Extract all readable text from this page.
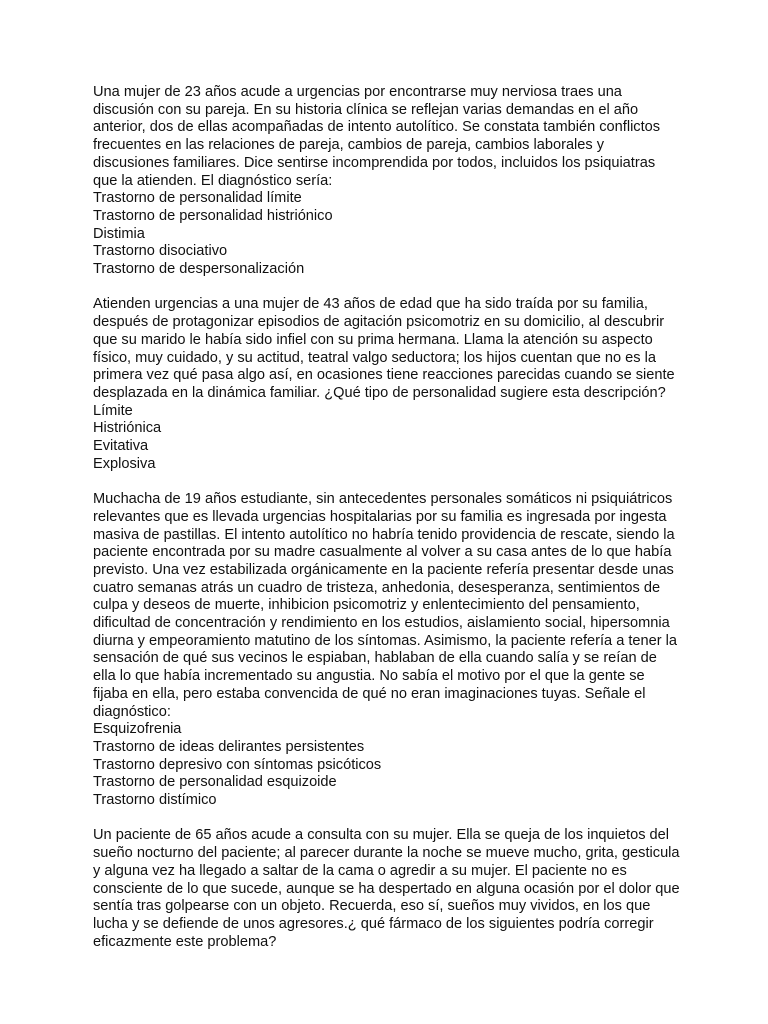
Una mujer de 23 años acude a urgencias por encontrarse muy nerviosa traes una discusión con su pareja. En su historia clínica se reflejan varias demandas en el año anterior, dos de ellas acompañadas de intento autolítico. Se constata también conflictos frecuentes en las relaciones de pareja, cambios de pareja, cambios laborales y discusiones familiares. Dice sentirse incomprendida por todos, incluidos los psiquiatras que la atienden. El diagnóstico sería:

Trastorno de personalidad límite
Trastorno de personalidad histriónico
Distimia
Trastorno disociativo
Trastorno de despersonalización

Atienden urgencias a una mujer de 43 años de edad que ha sido traída por su familia, después de protagonizar episodios de agitación psicomotriz en su domicilio, al descubrir que su marido le había sido infiel con su prima hermana. Llama la atención su aspecto físico, muy cuidado, y su actitud, teatral valgo seductora; los hijos cuentan que no es la primera vez qué pasa algo así, en ocasiones tiene reacciones parecidas cuando se siente desplazada en la dinámica familiar. ¿Qué tipo de personalidad sugiere esta descripción?

Límite
Histriónica
Evitativa
Explosiva

Muchacha de 19 años estudiante, sin antecedentes personales somáticos ni psiquiátricos relevantes que es llevada urgencias hospitalarias por su familia es ingresada por ingesta masiva de pastillas. El intento autolítico no habría tenido providencia de rescate, siendo la paciente encontrada por su madre casualmente al volver a su casa antes de lo que había previsto. Una vez estabilizada orgánicamente en la paciente refería presentar desde unas cuatro semanas atrás un cuadro de tristeza, anhedonia, desesperanza, sentimientos de culpa y deseos de muerte, inhibicion psicomotriz y enlentecimiento del pensamiento, dificultad de concentración y rendimiento en los estudios, aislamiento social, hipersomnia diurna y empeoramiento matutino de los síntomas. Asimismo, la paciente refería a tener la sensación de qué sus vecinos le espiaban, hablaban de ella cuando salía y se reían de ella lo que había incrementado su angustia. No sabía el motivo por el que la gente se fijaba en ella, pero estaba convencida de qué no eran imaginaciones tuyas. Señale el diagnóstico:

Esquizofrenia
Trastorno de ideas delirantes persistentes
Trastorno depresivo con síntomas psicóticos
Trastorno de personalidad esquizoide
Trastorno distímico

Un paciente de 65 años acude a consulta con su mujer. Ella se queja de los inquietos del sueño nocturno del paciente; al parecer durante la noche se mueve mucho, grita, gesticula y alguna vez ha llegado a saltar de la cama o agredir a su mujer. El paciente no es consciente de lo que sucede, aunque se ha despertado en alguna ocasión por el dolor que sentía tras golpearse con un objeto. Recuerda, eso sí, sueños muy vividos, en los que lucha y se defiende de unos agresores.¿ qué fármaco de los siguientes podría corregir eficazmente este problema?
